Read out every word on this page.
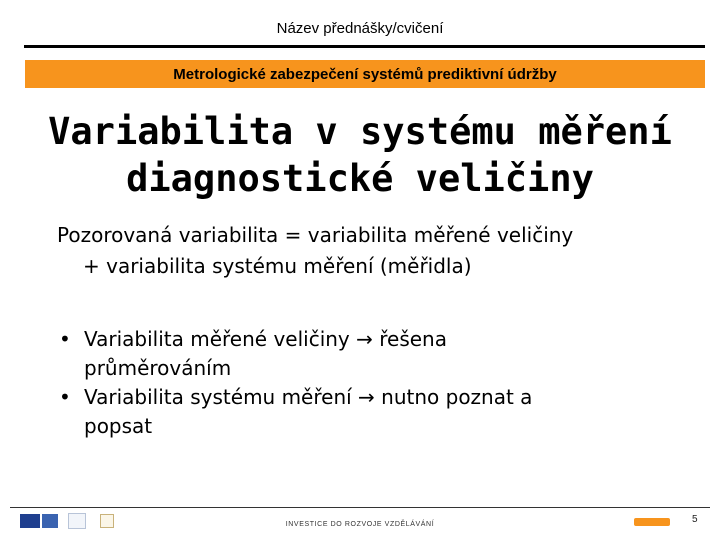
Název přednášky/cvičení
Metrologické zabezpečení systémů prediktivní údržby
Variabilita v systému měření
diagnostické veličiny
Pozorovaná variabilita = variabilita měřené veličiny
+ variabilita systému měření (měřidla)
• Variabilita měřené veličiny → řešena
průměrováním
• Variabilita systému měření → nutno poznat a
popsat
INVESTICE DO ROZVOJE VZDĚLÁVÁNÍ	5
